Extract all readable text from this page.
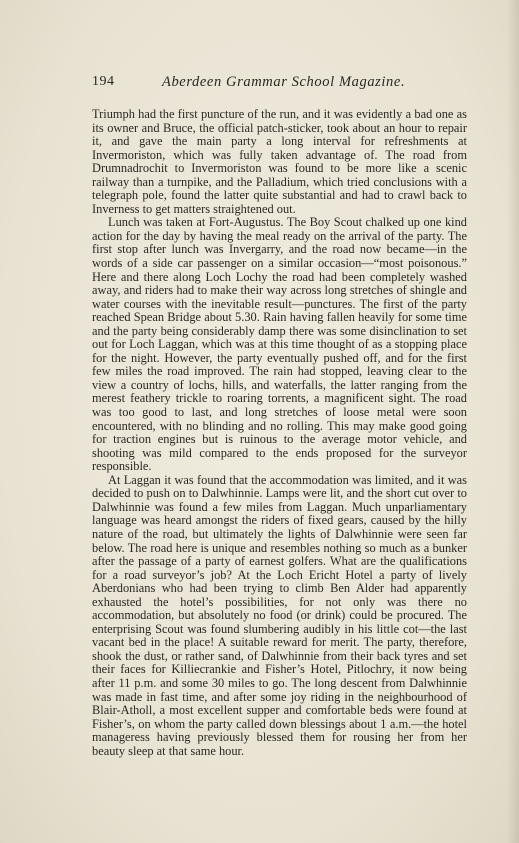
194	Aberdeen Grammar School Magazine.

Triumph had the first puncture of the run, and it was evidently a bad one as its owner and Bruce, the official patch-sticker, took about an hour to repair it, and gave the main party a long interval for refreshments at Invermoriston, which was fully taken advantage of. The road from Drumnadrochit to Invermoriston was found to be more like a scenic railway than a turnpike, and the Palladium, which tried conclusions with a telegraph pole, found the latter quite substantial and had to crawl back to Inverness to get matters straightened out.

Lunch was taken at Fort-Augustus. The Boy Scout chalked up one kind action for the day by having the meal ready on the arrival of the party. The first stop after lunch was Invergarry, and the road now became—in the words of a side car passenger on a similar occasion—“most poisonous.” Here and there along Loch Lochy the road had been completely washed away, and riders had to make their way across long stretches of shingle and water courses with the inevitable result—punctures. The first of the party reached Spean Bridge about 5.30. Rain having fallen heavily for some time and the party being considerably damp there was some disinclination to set out for Loch Laggan, which was at this time thought of as a stopping place for the night. However, the party eventually pushed off, and for the first few miles the road improved. The rain had stopped, leaving clear to the view a country of lochs, hills, and waterfalls, the latter ranging from the merest feathery trickle to roaring torrents, a magnificent sight. The road was too good to last, and long stretches of loose metal were soon encountered, with no blinding and no rolling. This may make good going for traction engines but is ruinous to the average motor vehicle, and shooting was mild compared to the ends proposed for the surveyor responsible.

At Laggan it was found that the accommodation was limited, and it was decided to push on to Dalwhinnie. Lamps were lit, and the short cut over to Dalwhinnie was found a few miles from Laggan. Much unparliamentary language was heard amongst the riders of fixed gears, caused by the hilly nature of the road, but ultimately the lights of Dalwhinnie were seen far below. The road here is unique and resembles nothing so much as a bunker after the passage of a party of earnest golfers. What are the qualifications for a road surveyor’s job? At the Loch Ericht Hotel a party of lively Aberdonians who had been trying to climb Ben Alder had apparently exhausted the hotel’s possibilities, for not only was there no accommodation, but absolutely no food (or drink) could be procured. The enterprising Scout was found slumbering audibly in his little cot—the last vacant bed in the place! A suitable reward for merit. The party, therefore, shook the dust, or rather sand, of Dalwhinnie from their back tyres and set their faces for Killiecrankie and Fisher’s Hotel, Pitlochry, it now being after 11 p.m. and some 30 miles to go. The long descent from Dalwhinnie was made in fast time, and after some joy riding in the neighbourhood of Blair-Atholl, a most excellent supper and comfortable beds were found at Fisher’s, on whom the party called down blessings about 1 a.m.—the hotel manageress having previously blessed them for rousing her from her beauty sleep at that same hour.
